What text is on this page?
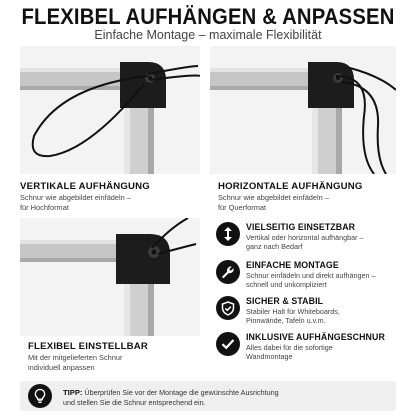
FLEXIBEL AUFHÄNGEN & ANPASSEN
Einfache Montage – maximale Flexibilität
VERTIKALE AUFHÄNGUNG
Schnur wie abgebildet einfädeln –
für Hochformat
HORIZONTALE AUFHÄNGUNG
Schnur wie abgebildet einfädeln –
für Querformat
FLEXIBEL EINSTELLBAR
Mit der mitgelieferten Schnur
individuell anpassen
VIELSEITIG EINSETZBAR
Vertikal oder horizontal aufhängbar –
ganz nach Bedarf
EINFACHE MONTAGE
Schnur einfädeln und direkt aufhängen –
schnell und unkompliziert
SICHER & STABIL
Stabiler Halt für Whiteboards,
Pinnwände, Tafeln u.v.m.
INKLUSIVE AUFHÄNGESCHNUR
Alles dabei für die sofortige
Wandmontage
TIPP: Überprüfen Sie vor der Montage die gewünschte Ausrichtung
und stellen Sie die Schnur entsprechend ein.
